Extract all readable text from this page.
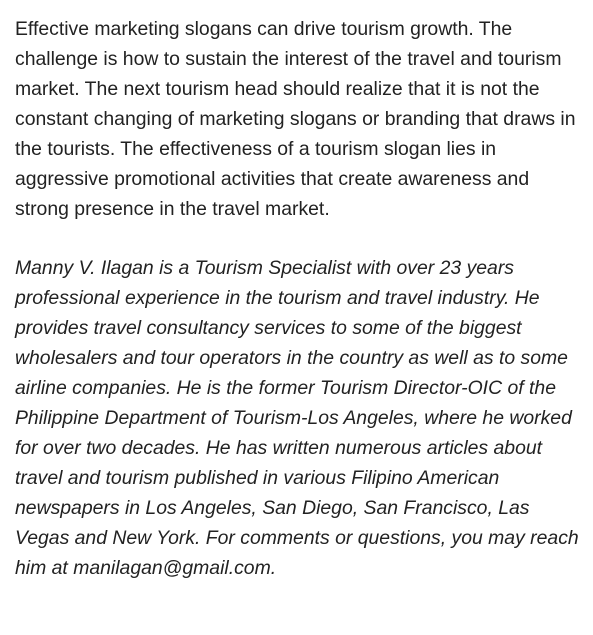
Effective marketing slogans can drive tourism growth. The challenge is how to sustain the interest of the travel and tourism market. The next tourism head should realize that it is not the constant changing of marketing slogans or branding that draws in the tourists. The effectiveness of a tourism slogan lies in aggressive promotional activities that create awareness and strong presence in the travel market.

Manny V. Ilagan is a Tourism Specialist with over 23 years professional experience in the tourism and travel industry. He provides travel consultancy services to some of the biggest wholesalers and tour operators in the country as well as to some airline companies. He is the former Tourism Director-OIC of the Philippine Department of Tourism-Los Angeles, where he worked for over two decades. He has written numerous articles about travel and tourism published in various Filipino American newspapers in Los Angeles, San Diego, San Francisco, Las Vegas and New York. For comments or questions, you may reach him at manilagan@gmail.com.
